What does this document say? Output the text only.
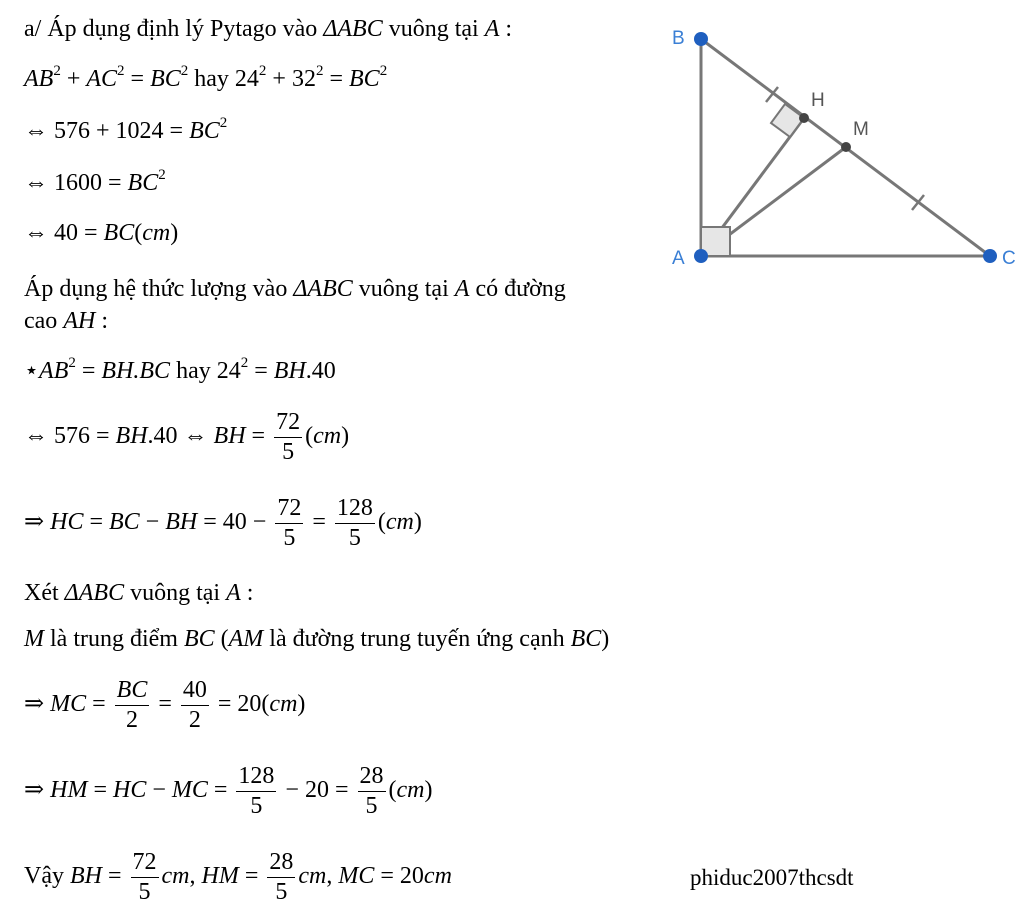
a/ Áp dụng định lý Pytago vào ΔABC vuông tại A :
$AB^2 + AC^2 = BC^2$ hay $24^2 + 32^2 = BC^2$
⇔ $576 + 1024 = BC^2$
⇔ $1600 = BC^2$
⇔ 40 = BC(cm)
Áp dụng hệ thức lượng vào ΔABC vuông tại A có đường
cao AH :
$⋆AB^2 = BH.BC$ hay $24^2 = BH.40$
⇔ 576 = BH.40 ⇔ BH = $\frac{72}{5} (cm)$
⇒ HC = BC − BH = $40 - \frac{72}{5} = \frac{128}{5} (cm)$
Xét ΔABC vuông tại A :
M là trung điểm BC (AM là đường trung tuyến ứng cạnh BC)
⇒ MC = $\frac{BC}{2} = \frac{40}{2} = 20(cm)$
⇒ HM = HC − MC = $\frac{128}{5} - 20 = \frac{28}{5} (cm)$
Vậy BH = $\frac{72}{5}$ cm, HM = $\frac{28}{5}$ cm, MC = 20cm	phiduc2007thcsdt
B
A	C
H
M
